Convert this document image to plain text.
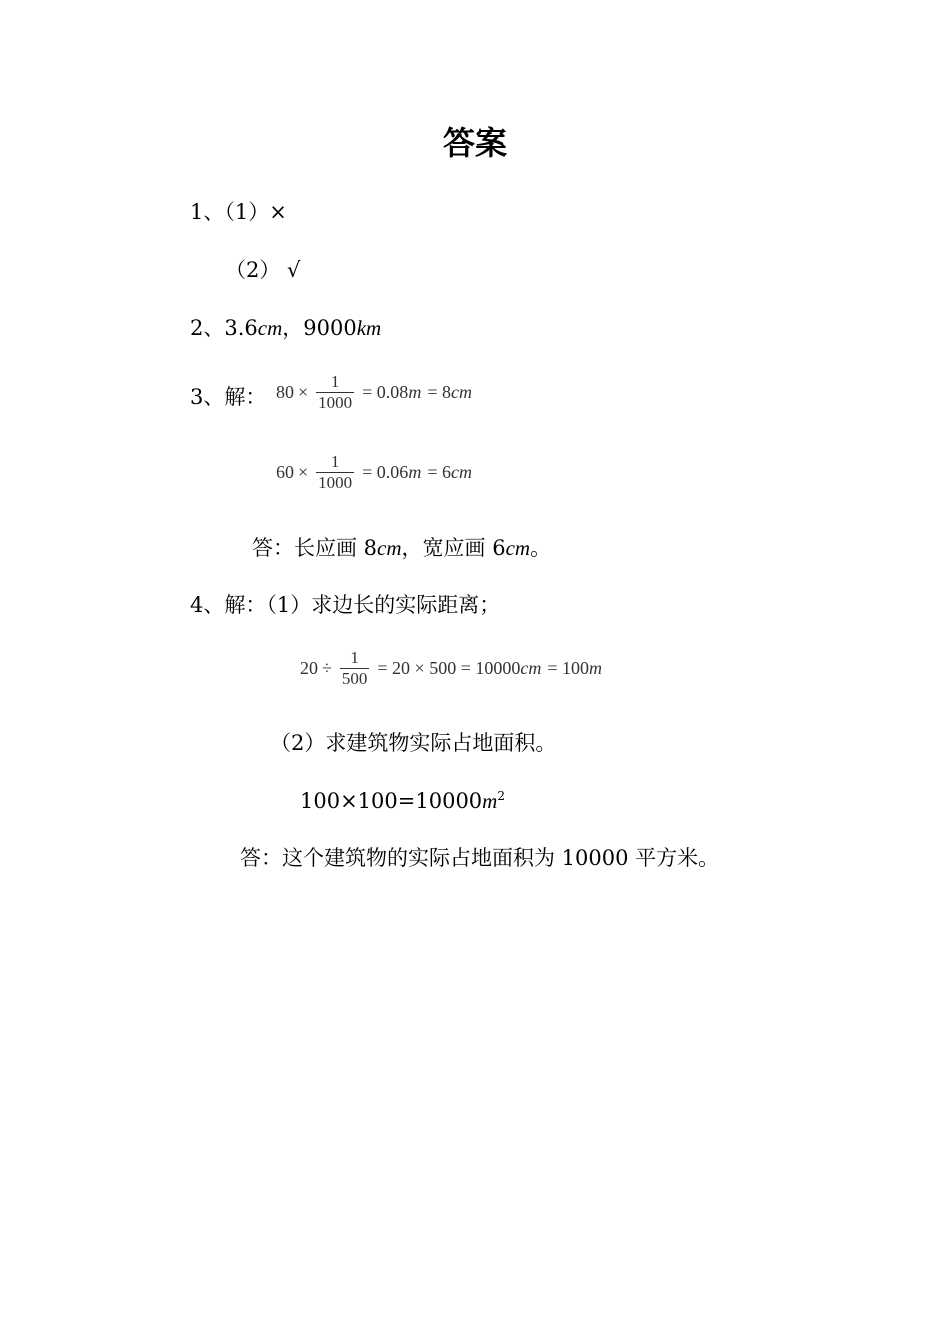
答案
1、（1）×
（2） √
2、3.6cm，9000km
3、解： $80 \times \frac{1}{1000} = 0.08$ m = 8 cm
$60 \times \frac{1}{1000} = 0.06$ m = 6 cm
答：长应画 8cm，宽应画 6cm。
4、解：（1）求边长的实际距离；
$20 \div \frac{1}{500} = 20 \times 500 = 10000$ cm = 100 m
（2）求建筑物实际占地面积。
$100\times 100=10000m^2$
答：这个建筑物的实际占地面积为 10000 平方米。
